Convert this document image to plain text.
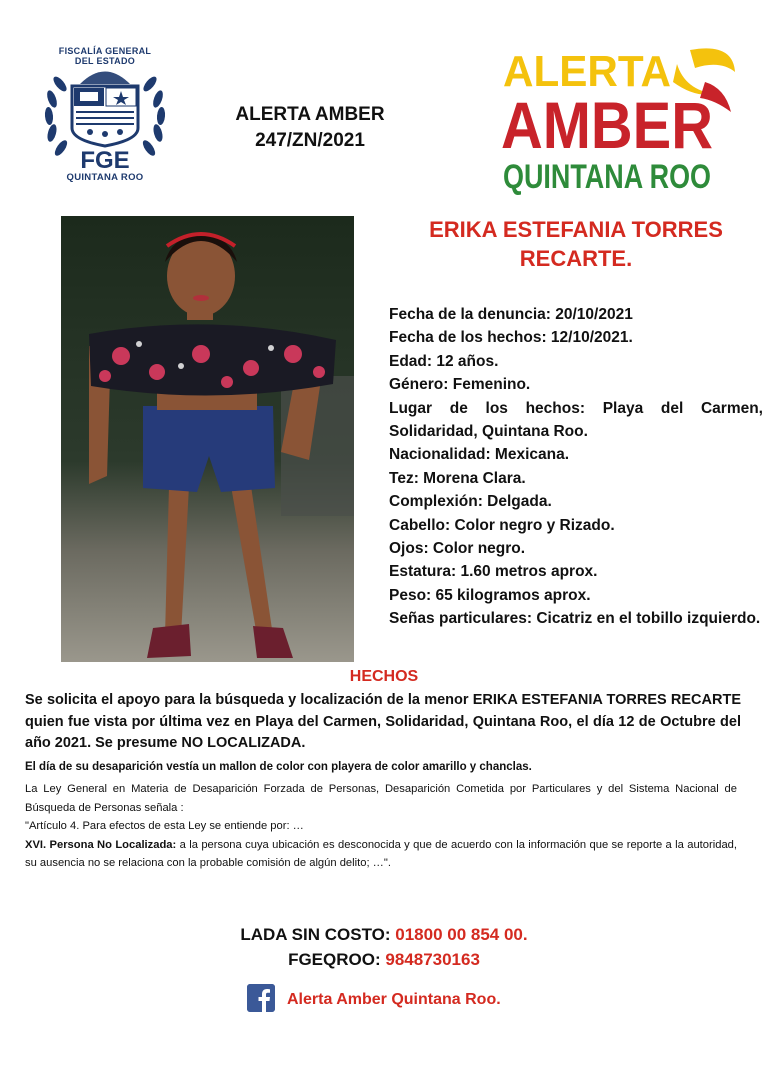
FISCALÍA GENERAL
DEL ESTADO
FGE
QUINTANA ROO
ALERTA AMBER
247/ZN/2021
ALERTA
AMBER
QUINTANA ROO
ERIKA ESTEFANIA TORRES
RECARTE.
Fecha de la denuncia: 20/10/2021
Fecha de los hechos: 12/10/2021.
Edad: 12 años.
Género: Femenino.
Lugar de los hechos: Playa del Carmen, Solidaridad, Quintana Roo.
Nacionalidad: Mexicana.
Tez: Morena Clara.
Complexión: Delgada.
Cabello: Color negro y Rizado.
Ojos: Color negro.
Estatura: 1.60 metros aprox.
Peso: 65 kilogramos aprox.
Señas particulares: Cicatriz en el tobillo izquierdo.
HECHOS
Se solicita el apoyo para la búsqueda y localización de la menor ERIKA ESTEFANIA TORRES RECARTE quien fue vista por última vez en Playa del Carmen, Solidaridad, Quintana Roo, el día 12 de Octubre del año 2021. Se presume NO LOCALIZADA.
El día de su desaparición vestía un mallon de color con playera de color amarillo y chanclas.
La Ley General en Materia de Desaparición Forzada de Personas, Desaparición Cometida por Particulares y del Sistema Nacional de Búsqueda de Personas señala :
"Artículo 4. Para efectos de esta Ley se entiende por: …
XVI. Persona No Localizada: a la persona cuya ubicación es desconocida y que de acuerdo con la información que se reporte a la autoridad, su ausencia no se relaciona con la probable comisión de algún delito; …".
LADA SIN COSTO: 01800 00 854 00.
FGEQROO: 9848730163
Alerta Amber Quintana Roo.
